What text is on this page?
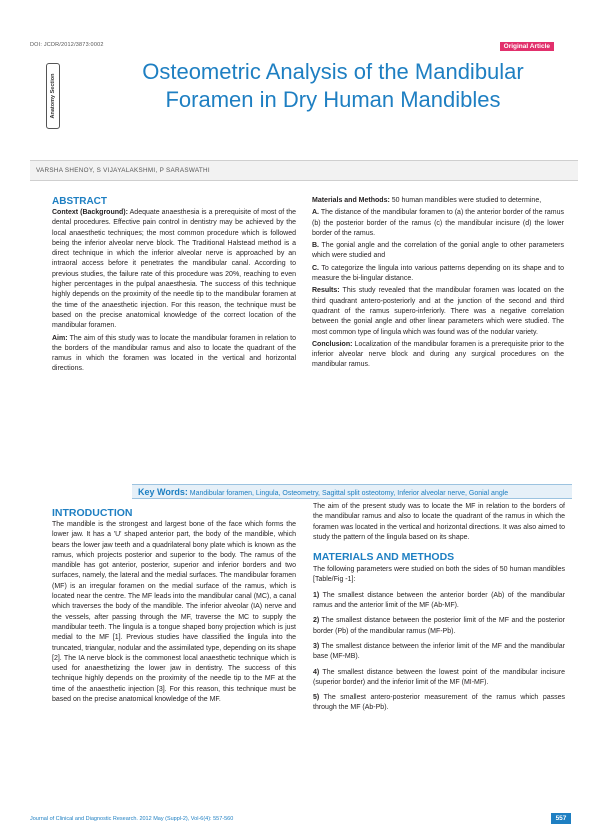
DOI: JCDR/2012/3873:0002	Original Article
Anatomy Section
Osteometric Analysis of the Mandibular
Foramen in Dry Human Mandibles
VARSHA SHENOY, S VIJAYALAKSHMI, P SARASWATHI
ABSTRACT

Context (Background): Adequate anaesthesia is a prerequisite of most of the dental procedures. Effective pain control in dentistry may be achieved by the local anaesthetic techniques; the most common procedure which is followed being the inferior alveolar nerve block. The Traditional Halstead method is a direct technique in which the inferior alveolar nerve is approached by an intraoral access before it penetrates the mandibular canal. According to previous studies, the failure rate of this procedure was 20%, reaching to even higher percentages in the pulpal anaesthesia. The success of this technique highly depends on the proximity of the needle tip to the mandibular foramen at the time of the anaesthetic injection. For this reason, the technique must be based on the precise anatomical knowledge of the correct location of the mandibular foramen.

Aim: The aim of this study was to locate the mandibular foramen in relation to the borders of the mandibular ramus and also to locate the quadrant of the ramus in which the foramen was located in the vertical and horizontal directions.

Materials and Methods: 50 human mandibles were studied to determine,

A. The distance of the mandibular foramen to (a) the anterior border of the ramus (b) the posterior border of the ramus (c) the mandibular incisure (d) the lower border of the ramus.

B. The gonial angle and the correlation of the gonial angle to other parameters which were studied and

C. To categorize the lingula into various patterns depending on its shape and to measure the bi-lingular distance.

Results: This study revealed that the mandibular foramen was located on the third quadrant antero-posteriorly and at the junction of the second and third quadrant of the ramus supero-inferiorly. There was a negative correlation between the gonial angle and other linear parameters which were studied. The most common type of lingula which was found was of the nodular variety.

Conclusion: Localization of the mandibular foramen is a prerequisite prior to the inferior alveolar nerve block and during any surgical procedures on the mandibular ramus.

Key Words: Mandibular foramen, Lingula, Osteometry, Sagittal split osteotomy, Inferior alveolar nerve, Gonial angle
INTRODUCTION

The mandible is the strongest and largest bone of the face which forms the lower jaw. It has a 'U' shaped anterior part, the body of the mandible, which bears the lower jaw teeth and a quadrilateral bony plate which is known as the ramus, which projects posterior and superior to the body. The ramus of the mandible has got anterior, posterior, superior and inferior borders and two surfaces, namely, the lateral and the medial surfaces. The mandibular foramen (MF) is an irregular foramen on the medial surface of the ramus, which is located near the centre. The MF leads into the mandibular canal (MC), a canal which traverses the body of the mandible. The inferior alveolar (IA) nerve and the vessels, after passing through the MF, traverse the MC to supply the mandibular teeth. The lingula is a tongue shaped bony projection which is just medial to the MF [1]. Previous studies have classified the lingula into the truncated, triangular, nodular and the assimilated type, depending on its shape [2]. The IA nerve block is the commonest local anaesthetic technique which is used for anaesthetizing the lower jaw in dentistry. The success of this technique highly depends on the proximity of the needle tip to the MF at the time of the anaesthetic injection [3]. For this reason, this technique must be based on the precise anatomical knowledge of the MF.

The aim of the present study was to locate the MF in relation to the borders of the mandibular ramus and also to locate the quadrant of the ramus in which the foramen was located in the vertical and horizontal directions. It was also aimed to study the pattern of the lingula based on its shape.

MATERIALS AND METHODS

The following parameters were studied on both the sides of 50 human mandibles [Table/Fig -1]:

1) The smallest distance between the anterior border (Ab) of the mandibular ramus and the anterior limit of the MF (Ab-MF).
2) The smallest distance between the posterior limit of the MF and the posterior border (Pb) of the mandibular ramus (MF-Pb).
3) The smallest distance between the inferior limit of the MF and the mandibular base (MF-MB).
4) The smallest distance between the lowest point of the mandibular incisure (superior border) and the inferior limit of the MF (MI-MF).
5) The smallest antero-posterior measurement of the ramus which passes through the MF (Ab-Pb).
Journal of Clinical and Diagnostic Research. 2012 May (Suppl-2), Vol-6(4): 557-560	557
